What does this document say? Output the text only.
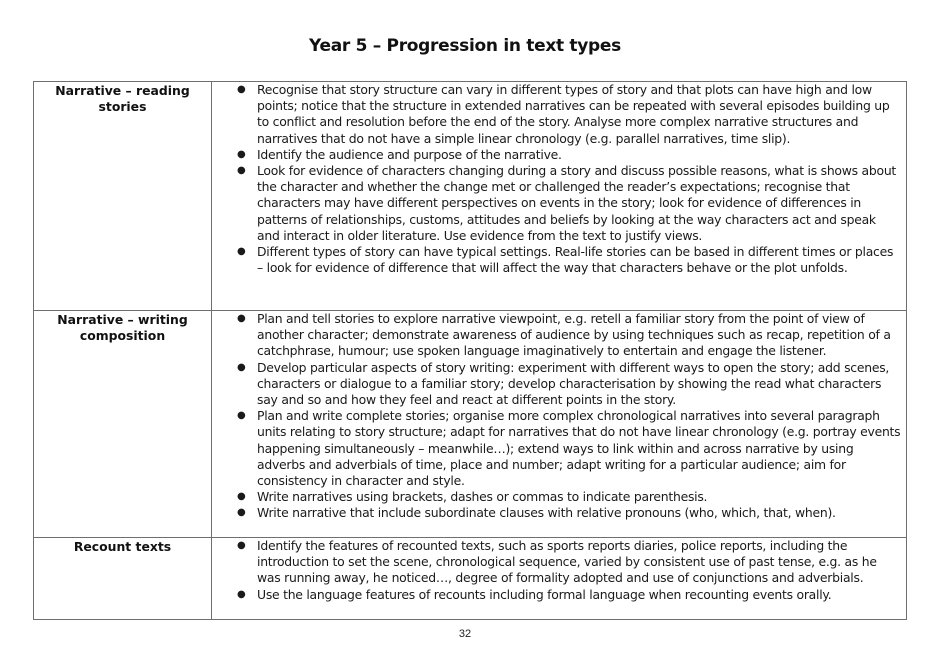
Year 5 – Progression in text types
Narrative – reading stories	
● Recognise that story structure can vary in different types of story and that plots can have high and low points; notice that the structure in extended narratives can be repeated with several episodes building up to conflict and resolution before the end of the story. Analyse more complex narrative structures and narratives that do not have a simple linear chronology (e.g. parallel narratives, time slip).
● Identify the audience and purpose of the narrative.
● Look for evidence of characters changing during a story and discuss possible reasons, what is shows about the character and whether the change met or challenged the reader’s expectations; recognise that characters may have different perspectives on events in the story; look for evidence of differences in patterns of relationships, customs, attitudes and beliefs by looking at the way characters act and speak and interact in older literature. Use evidence from the text to justify views.
● Different types of story can have typical settings. Real-life stories can be based in different times or places – look for evidence of difference that will affect the way that characters behave or the plot unfolds.

Narrative – writing composition	
● Plan and tell stories to explore narrative viewpoint, e.g. retell a familiar story from the point of view of another character; demonstrate awareness of audience by using techniques such as recap, repetition of a catchphrase, humour; use spoken language imaginatively to entertain and engage the listener.
● Develop particular aspects of story writing: experiment with different ways to open the story; add scenes, characters or dialogue to a familiar story; develop characterisation by showing the read what characters say and so and how they feel and react at different points in the story.
● Plan and write complete stories; organise more complex chronological narratives into several paragraph units relating to story structure; adapt for narratives that do not have linear chronology (e.g. portray events happening simultaneously – meanwhile…); extend ways to link within and across narrative by using adverbs and adverbials of time, place and number; adapt writing for a particular audience; aim for consistency in character and style.
● Write narratives using brackets, dashes or commas to indicate parenthesis.
● Write narrative that include subordinate clauses with relative pronouns (who, which, that, when).

Recount texts	● Identify the features of recounted texts, such as sports reports diaries, police reports, including the introduction to set the scene, chronological sequence, varied by consistent use of past tense, e.g. as he was running away, he noticed…, degree of formality adopted and use of conjunctions and adverbials.
● Use the language features of recounts including formal language when recounting events orally.
32
